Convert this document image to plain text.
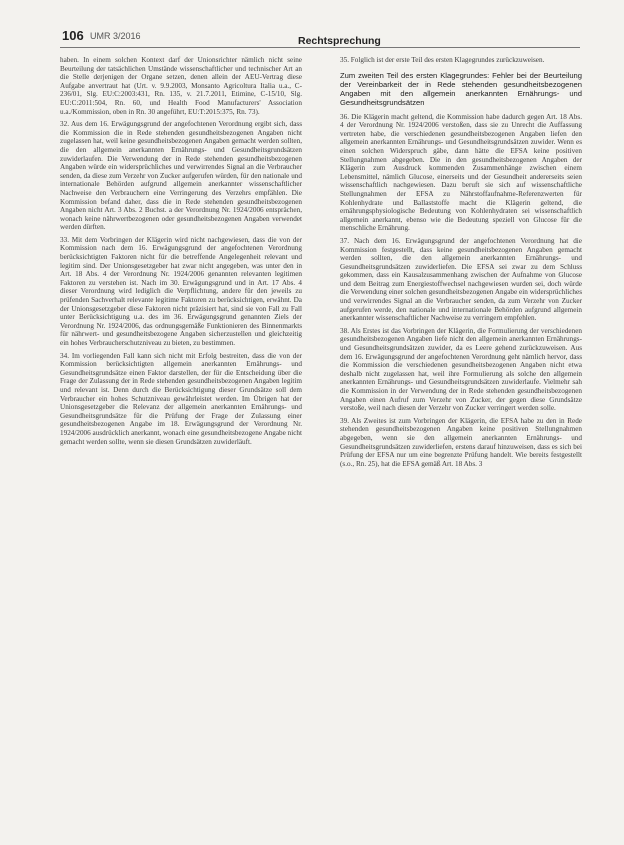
106 UMR 3/2016	Rechtsprechung

haben. In einem solchen Kontext darf der Unionsrichter nämlich nicht seine Beurteilung der tatsächlichen Umstände wissenschaftlicher und technischer Art an die Stelle derjenigen der Organe setzen, denen allein der AEU-Vertrag diese Aufgabe anvertraut hat (Urt. v. 9.9.2003, Monsanto Agricoltura Italia u.a., C-236/01, Slg. EU:C:2003:431, Rn. 135, v. 21.7.2011, Etimine, C-15/10, Slg. EU:C:2011:504, Rn. 60, und Health Food Manufacturers' Association u.a./Kommission, oben in Rn. 30 angeführt, EU:T:2015:375, Rn. 73).

32. Aus dem 16. Erwägungsgrund der angefochtenen Verordnung ergibt sich, dass die Kommission die in Rede stehenden gesundheitsbezogenen Angaben nicht zugelassen hat, weil keine gesundheitsbezogenen Angaben gemacht werden sollten, die den allgemein anerkannten Ernährungs- und Gesundheitsgrundsätzen zuwiderlaufen. Die Verwendung der in Rede stehenden gesundheitsbezogenen Angaben würde ein widersprüchliches und verwirrendes Signal an die Verbraucher senden, da diese zum Verzehr von Zucker aufgerufen würden, für den nationale und internationale Behörden aufgrund allgemein anerkannter wissenschaftlicher Nachweise den Verbrauchern eine Verringerung des Verzehrs empfählen. Die Kommission befand daher, dass die in Rede stehenden gesundheitsbezogenen Angaben nicht Art. 3 Abs. 2 Buchst. a der Verordnung Nr. 1924/2006 entsprächen, wonach keine nährwertbezogenen oder gesundheitsbezogenen Angaben verwendet werden dürften.

33. Mit dem Vorbringen der Klägerin wird nicht nachgewiesen, dass die von der Kommission nach dem 16. Erwägungsgrund der angefochtenen Verordnung berücksichtigten Faktoren nicht für die betreffende Angelegenheit relevant und legitim sind. Der Unionsgesetzgeber hat zwar nicht angegeben, was unter den in Art. 18 Abs. 4 der Verordnung Nr. 1924/2006 genannten relevanten legitimen Faktoren zu verstehen ist. Nach im 30. Erwägungsgrund und in Art. 17 Abs. 4 dieser Verordnung wird lediglich die Verpflichtung, andere für den jeweils zu prüfenden Sachverhalt relevante legitime Faktoren zu berücksichtigen, erwähnt. Da der Unionsgesetzgeber diese Faktoren nicht präzisiert hat, sind sie von Fall zu Fall unter Berücksichtigung u.a. des im 36. Erwägungsgrund genannten Ziels der Verordnung Nr. 1924/2006, das ordnungsgemäße Funktionieren des Binnenmarkts für nährwert- und gesundheitsbezogene Angaben sicherzustellen und gleichzeitig ein hohes Verbraucherschutzniveau zu bieten, zu bestimmen.

34. Im vorliegenden Fall kann sich nicht mit Erfolg bestreiten, dass die von der Kommission berücksichtigten allgemein anerkannten Ernährungs- und Gesundheitsgrundsätze einen Faktor darstellen, der für die Entscheidung über die Frage der Zulassung der in Rede stehenden gesundheitsbezogenen Angaben legitim und relevant ist. Denn durch die Berücksichtigung dieser Grundsätze soll dem Verbraucher ein hohes Schutzniveau gewährleistet werden. Im Übrigen hat der Unionsgesetzgeber die Relevanz der allgemein anerkannten Ernährungs- und Gesundheitsgrundsätze für die Prüfung der Frage der Zulassung einer gesundheitsbezogenen Angabe im 18. Erwägungsgrund der Verordnung Nr. 1924/2006 ausdrücklich anerkannt, wonach eine gesundheitsbezogene Angabe nicht gemacht werden sollte, wenn sie diesen Grundsätzen zuwiderläuft.

35. Folglich ist der erste Teil des ersten Klagegrundes zurückzuweisen.

Zum zweiten Teil des ersten Klagegrundes: Fehler bei der Beurteilung der Vereinbarkeit der in Rede stehenden gesundheitsbezogenen Angaben mit den allgemein anerkannten Ernährungs- und Gesundheitsgrundsätzen

36. Die Klägerin macht geltend, die Kommission habe dadurch gegen Art. 18 Abs. 4 der Verordnung Nr. 1924/2006 verstoßen, dass sie zu Unrecht die Auffassung vertreten habe, die verschiedenen gesundheitsbezogenen Angaben liefen den allgemein anerkannten Ernährungs- und Gesundheitsgrundsätzen zuwider. Wenn es einen solchen Widerspruch gäbe, dann hätte die EFSA keine positiven Stellungnahmen abgegeben. Die in den gesundheitsbezogenen Angaben der Klägerin zum Ausdruck kommenden Zusammenhänge zwischen einem Lebensmittel, nämlich Glucose, einerseits und der Gesundheit andererseits seien wissenschaftlich nachgewiesen. Dazu beruft sie sich auf wissenschaftliche Stellungnahmen der EFSA zu Nährstoffaufnahme-Referenzwerten für Kohlenhydrate und Ballaststoffe macht die Klägerin geltend, die ernährungsphysiologische Bedeutung von Kohlenhydraten sei wissenschaftlich allgemein anerkannt, ebenso wie die Bedeutung speziell von Glucose für die menschliche Ernährung.

37. Nach dem 16. Erwägungsgrund der angefochtenen Verordnung hat die Kommission festgestellt, dass keine gesundheitsbezogenen Angaben gemacht werden sollten, die den allgemein anerkannten Ernährungs- und Gesundheitsgrundsätzen zuwiderliefen. Die EFSA sei zwar zu dem Schluss gekommen, dass ein Kausalzusammenhang zwischen der Aufnahme von Glucose und dem Beitrag zum Energiestoffwechsel nachgewiesen wurden sei, doch würde die Verwendung einer solchen gesundheitsbezogenen Angabe ein widersprüchliches und verwirrendes Signal an die Verbraucher senden, da zum Verzehr von Zucker aufgerufen werde, den nationale und internationale Behörden aufgrund allgemein anerkannter wissenschaftlicher Nachweise zu verringern empfehlen.

38. Als Erstes ist das Vorbringen der Klägerin, die Formulierung der verschiedenen gesundheitsbezogenen Angaben liefe nicht den allgemein anerkannten Ernährungs- und Gesundheitsgrundsätzen zuwider, da es Leere gehend zurückzuweisen. Aus dem 16. Erwägungsgrund der angefochtenen Verordnung geht nämlich hervor, dass die Kommission die verschiedenen gesundheitsbezogenen Angaben nicht etwa deshalb nicht zugelassen hat, weil ihre Formulierung als solche den allgemein anerkannten Ernährungs- und Gesundheitsgrundsätzen zuwiderlaufe. Vielmehr sah die Kommission in der Verwendung der in Rede stehenden gesundheitsbezogenen Angaben einen Aufruf zum Verzehr von Zucker, der gegen diese Grundsätze verstoße, weil nach diesen der Verzehr von Zucker verringert werden solle.

39. Als Zweites ist zum Vorbringen der Klägerin, die EFSA habe zu den in Rede stehenden gesundheitsbezogenen Angaben keine positiven Stellungnahmen abgegeben, wenn sie den allgemein anerkannten Ernährungs- und Gesundheitsgrundsätzen zuwiderliefen, erstens darauf hinzuweisen, dass es sich bei Prüfung der EFSA nur um eine begrenzte Prüfung handelt. Wie bereits festgestellt (s.o., Rn. 25), hat die EFSA gemäß Art. 18 Abs. 3
